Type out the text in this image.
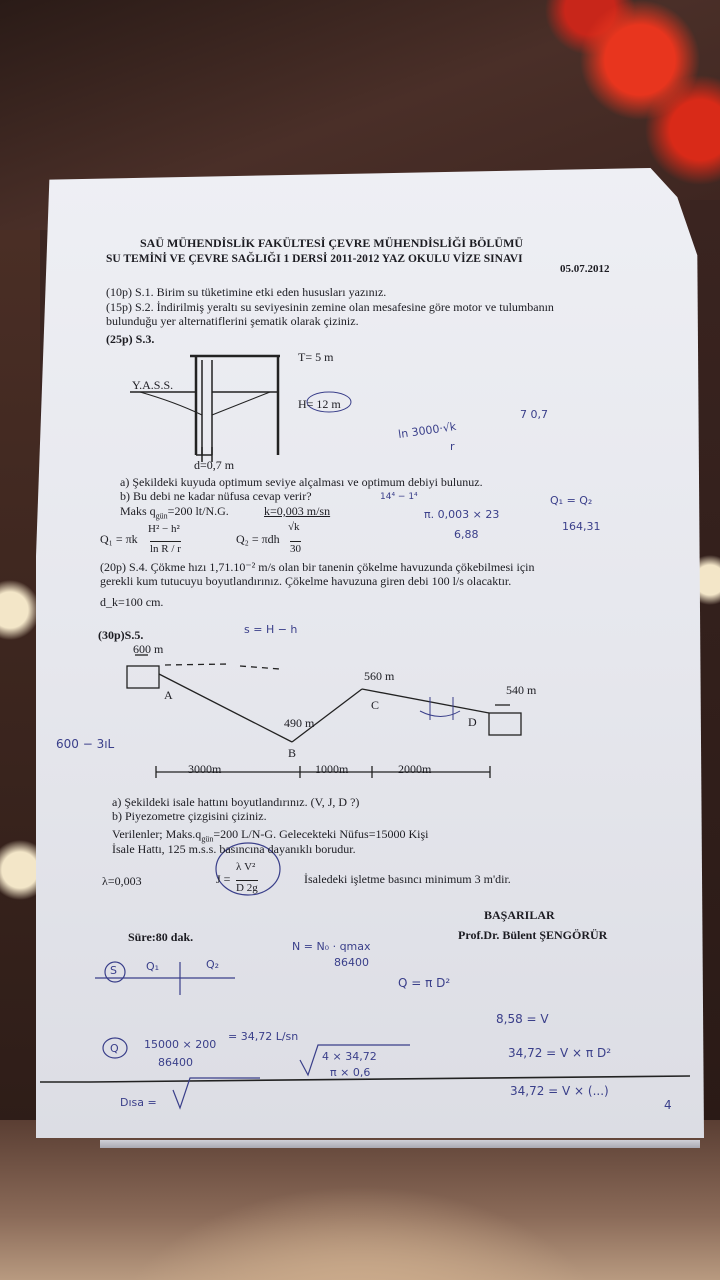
SAÜ MÜHENDİSLİK FAKÜLTESİ ÇEVRE MÜHENDİSLİĞİ BÖLÜMÜ
SU TEMİNİ VE ÇEVRE SAĞLIĞI 1 DERSİ 2011-2012 YAZ OKULU VİZE SINAVI
05.07.2012
(10p) S.1. Birim su tüketimine etki eden hususları yazınız.
(15p) S.2. İndirilmiş yeraltı su seviyesinin zemine olan mesafesine göre motor ve tulumbanın
bulunduğu yer alternatiflerini şematik olarak çiziniz.
(25p) S.3.
T= 5 m
Y.A.S.S.
H= 12 m
d=0,7 m
a) Şekildeki kuyuda optimum seviye alçalması ve optimum debiyi bulunuz.
b) Bu debi ne kadar nüfusa cevap verir?
Maks $q_{gün}=200$ lt/N.G.	k=0,003 m/sn
Q₁ = πk
H² − h²
ln R / r
Q₂ = πdh
√k
30
(20p) S.4. Çökme hızı 1,71.10⁻² m/s olan bir tanenin çökelme havuzunda çökebilmesi için
gerekli kum tutucuyu boyutlandırınız. Çökelme havuzuna giren debi 100 l/s olacaktır.
d_k=100 cm.
(30p)S.5.
600 m
560 m
540 m
490 m
A
B
C
D
3000m	1000m	2000m
a) Şekildeki isale hattını boyutlandırınız. (V, J, D ?)
b) Piyezometre çizgisini çiziniz.
Verilenler; $Maks.q_{gün}=200$ L/N-G. Gelecekteki Nüfus=15000 Kişi
İsale Hattı, 125 m.s.s. basıncına dayanıklı borudur.
λ=0,003	J =
λ V²
D 2g
İsaledeki işletme basıncı minimum 3 m'dir.
BAŞARILAR
Prof.Dr. Bülent ŞENGÖRÜR
Süre:80 dak.
ln 3000·√k
r
7 0,7
14⁴ − 1⁴
π. 0,003 × 23
6,88
Q₁ = Q₂
164,31
s = H − h
600 − 3ıL
N = N₀ · qmax
86400
S	Q₁	Q₂
Q = π D²
8,58 = V
Q 15000 × 200
86400
= 34,72 L/sn
4 × 34,72
π × 0,6
34,72 = V × π D²
34,72 = V × (...)
Dısa =	4
